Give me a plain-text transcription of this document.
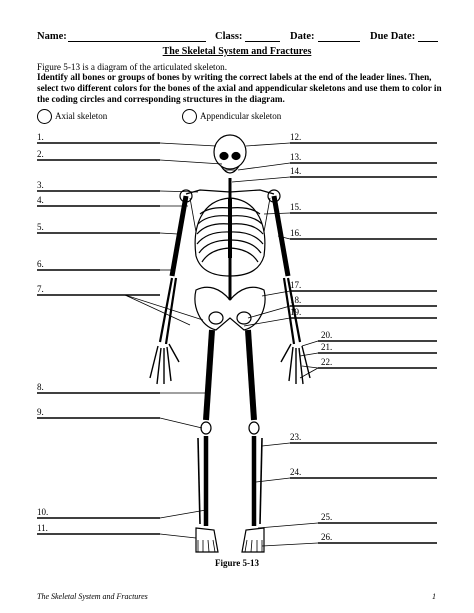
Name:	Class:	Date:	Due Date:
The Skeletal System and Fractures
Figure 5-13 is a diagram of the articulated skeleton.
Identify all bones or groups of bones by writing the correct labels at the end of the leader lines. Then, select two different colors for the bones of the axial and appendicular skeletons and use them to color in the coding circles and corresponding structures in the diagram.
Axial skeleton	Appendicular skeleton
1.
2.
3.
4.
5.
6.
7.
8.
9.
10.
11.
12.
13.
14.
15.
16.
17.
18.
19.
20.
21.
22.
23.
24.
25.
26.
Figure 5-13
The Skeletal System and Fractures	1
